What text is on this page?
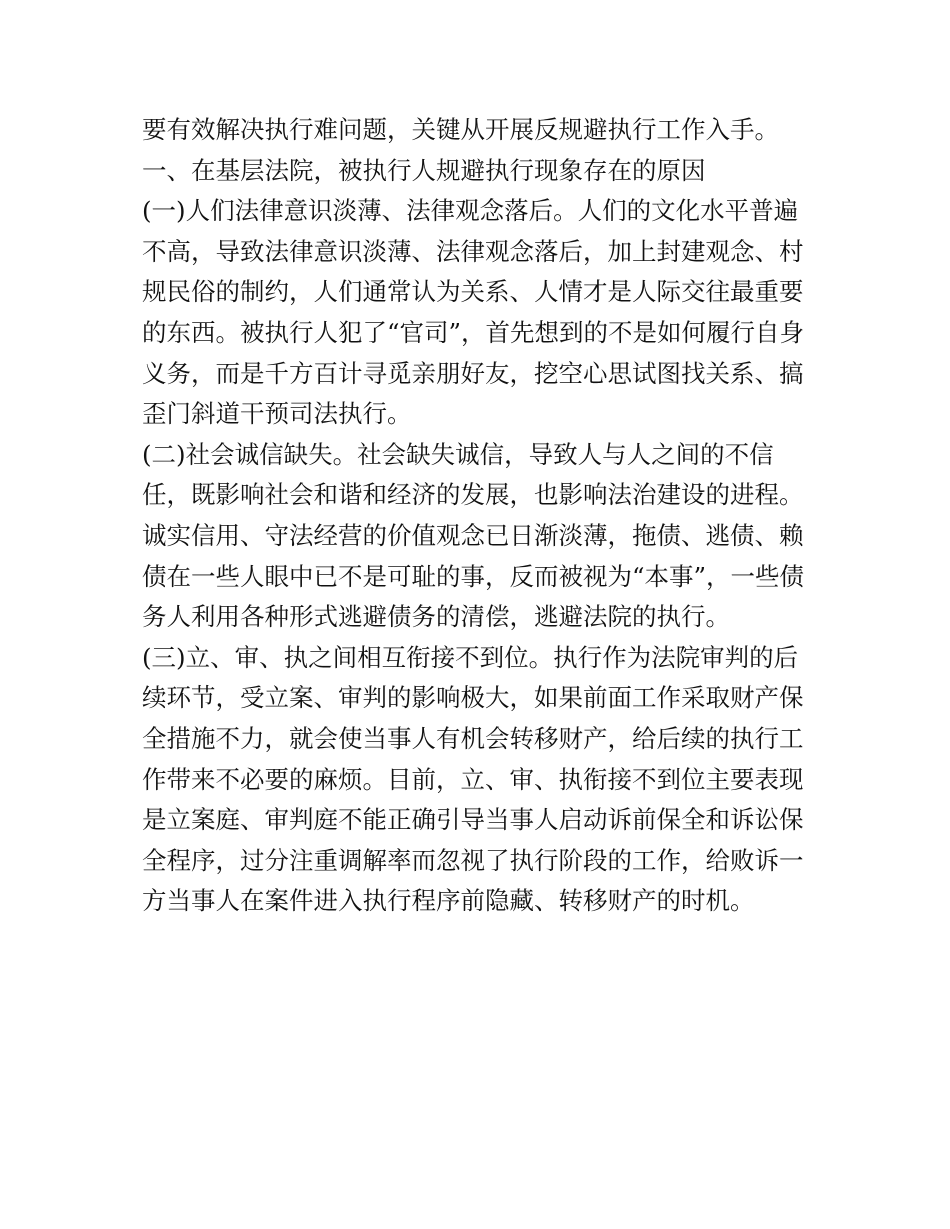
要有效解决执行难问题，关键从开展反规避执行工作入手。
一、在基层法院，被执行人规避执行现象存在的原因
(一)人们法律意识淡薄、法律观念落后。人们的文化水平普遍
不高，导致法律意识淡薄、法律观念落后，加上封建观念、村
规民俗的制约，人们通常认为关系、人情才是人际交往最重要
的东西。被执行人犯了“官司”，首先想到的不是如何履行自身
义务，而是千方百计寻觅亲朋好友，挖空心思试图找关系、搞
歪门斜道干预司法执行。
(二)社会诚信缺失。社会缺失诚信，导致人与人之间的不信
任，既影响社会和谐和经济的发展，也影响法治建设的进程。
诚实信用、守法经营的价值观念已日渐淡薄，拖债、逃债、赖
债在一些人眼中已不是可耻的事，反而被视为“本事”，一些债
务人利用各种形式逃避债务的清偿，逃避法院的执行。
(三)立、审、执之间相互衔接不到位。执行作为法院审判的后
续环节，受立案、审判的影响极大，如果前面工作采取财产保
全措施不力，就会使当事人有机会转移财产，给后续的执行工
作带来不必要的麻烦。目前，立、审、执衔接不到位主要表现
是立案庭、审判庭不能正确引导当事人启动诉前保全和诉讼保
全程序，过分注重调解率而忽视了执行阶段的工作，给败诉一
方当事人在案件进入执行程序前隐藏、转移财产的时机。
